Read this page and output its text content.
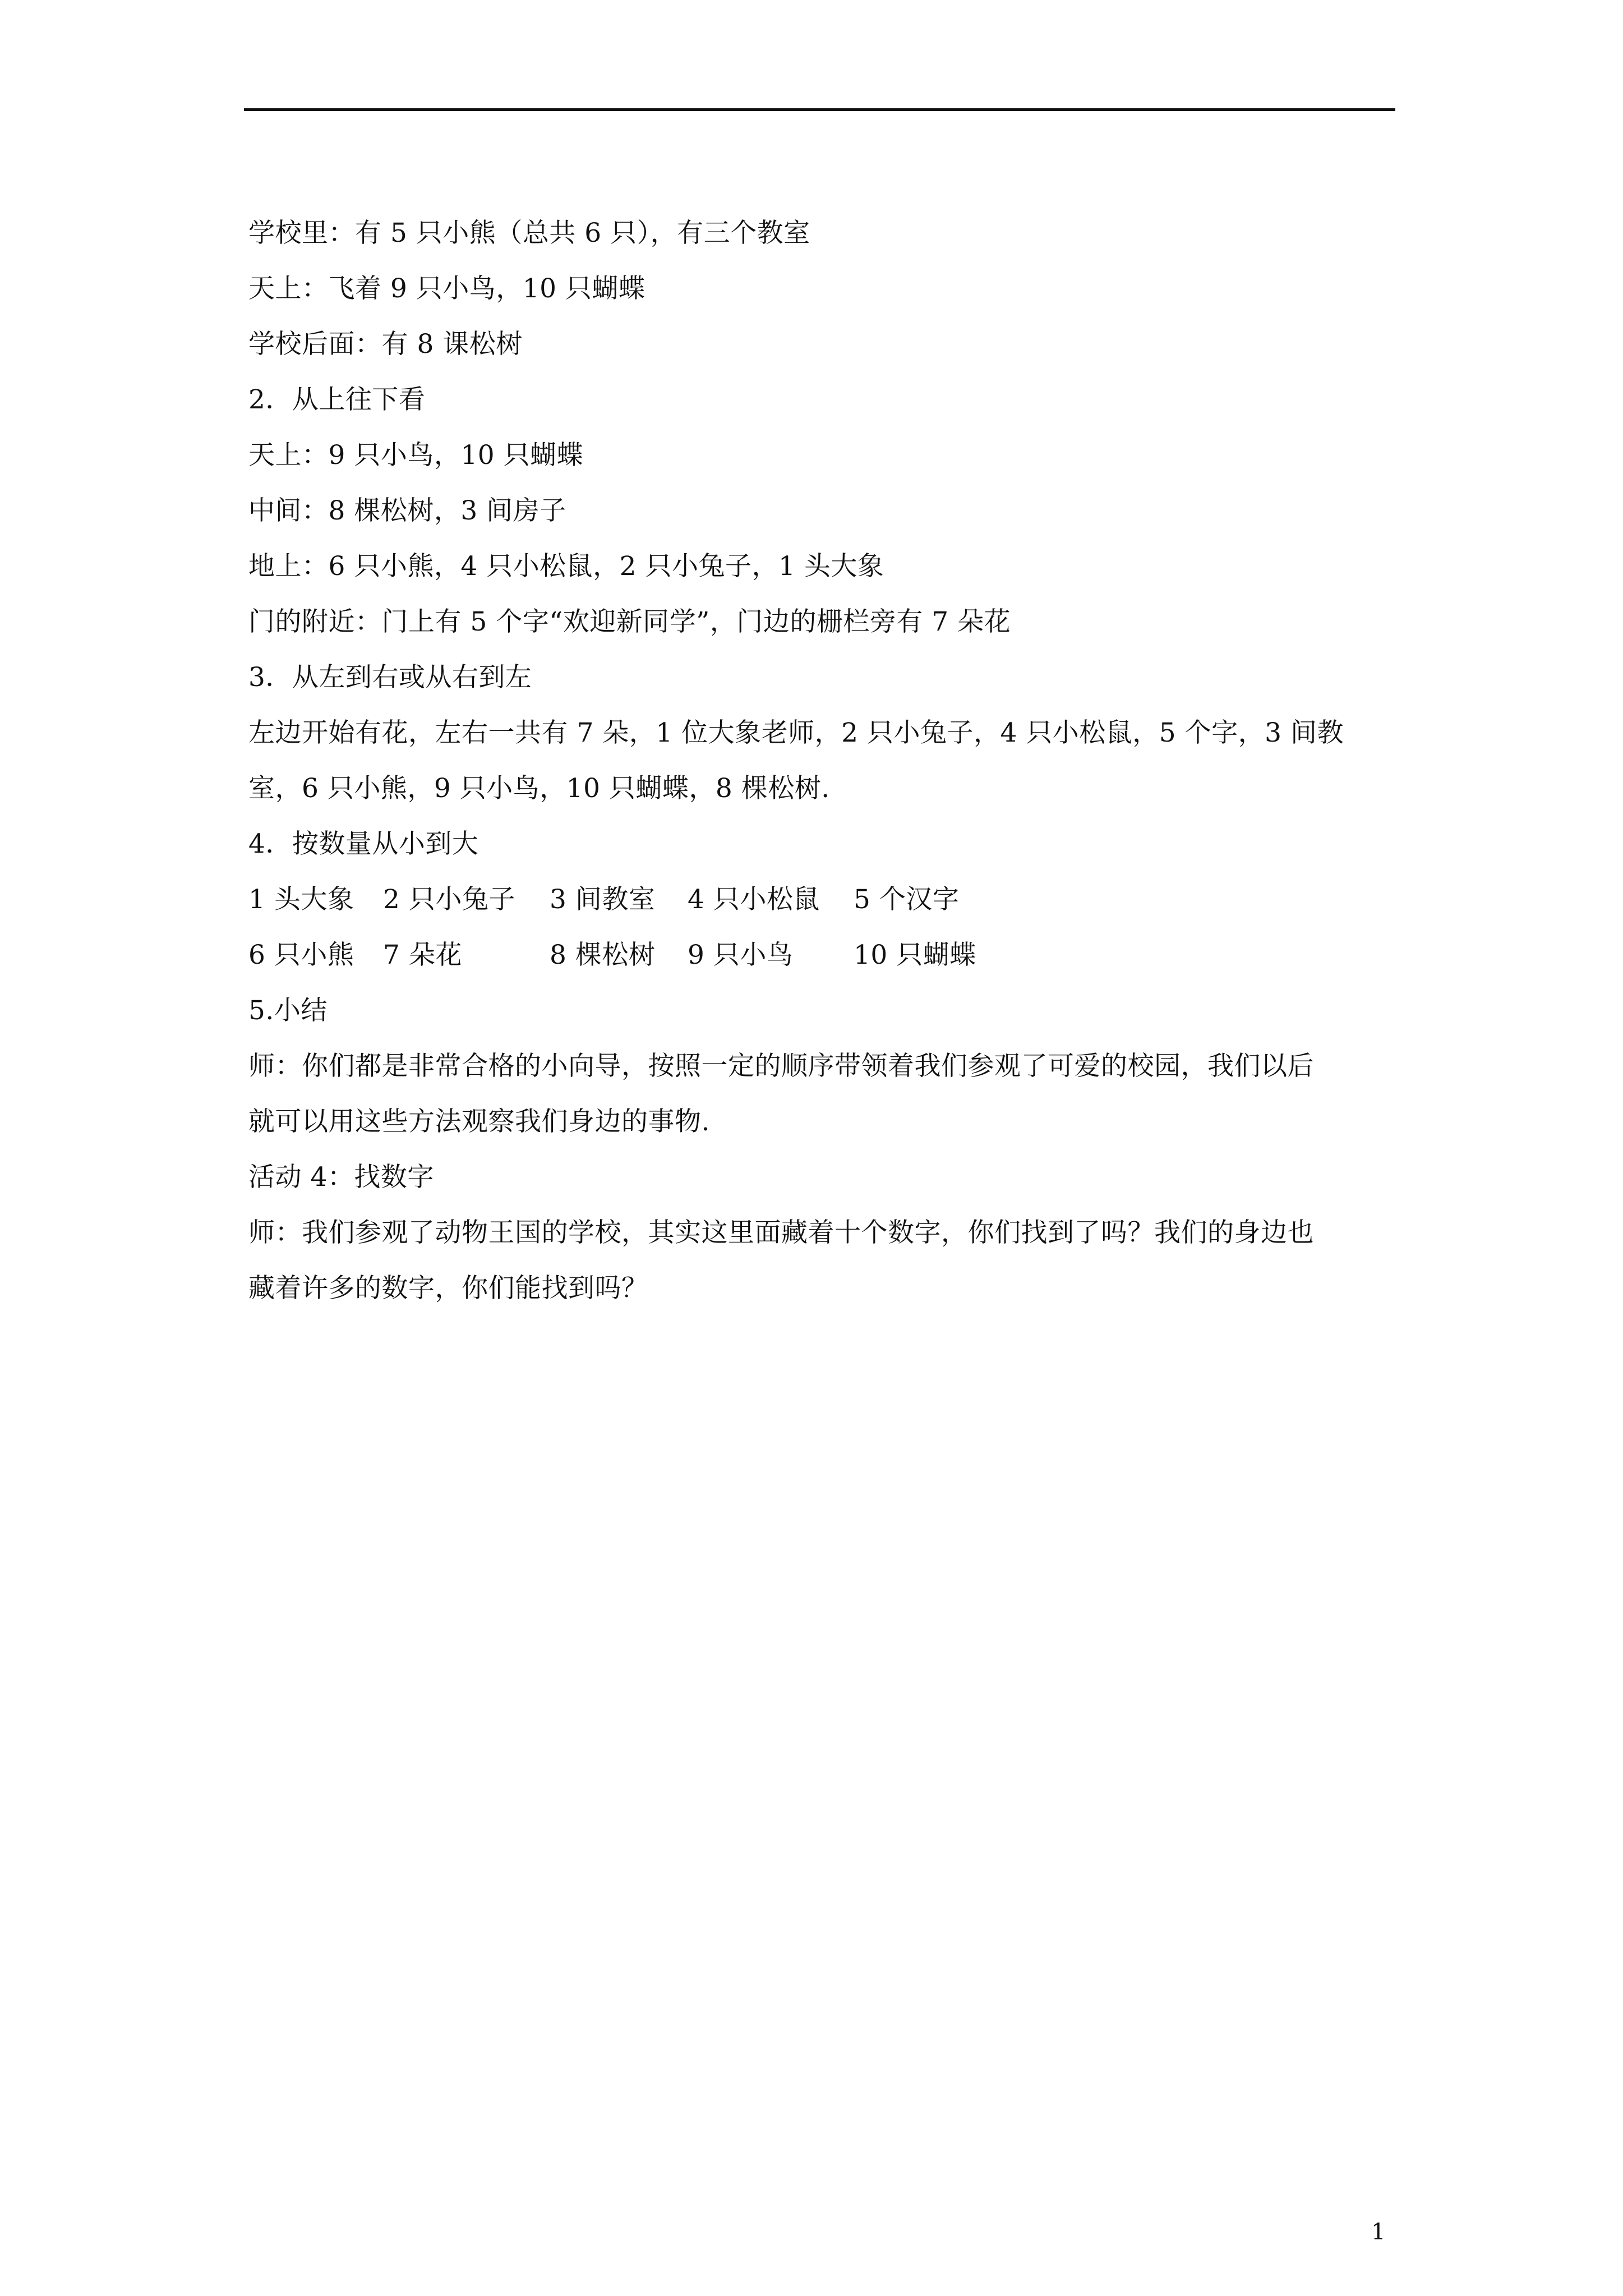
学校里：有 5 只小熊（总共 6 只），有三个教室
天上：飞着 9 只小鸟，10 只蝴蝶
学校后面：有 8 课松树
2．从上往下看
天上：9 只小鸟，10 只蝴蝶
中间：8 棵松树，3 间房子
地上：6 只小熊，4 只小松鼠，2 只小兔子，1 头大象
门的附近：门上有 5 个字“欢迎新同学”，门边的栅栏旁有 7 朵花
3．从左到右或从右到左
左边开始有花，左右一共有 7 朵，1 位大象老师，2 只小兔子，4 只小松鼠，5 个字，3 间教
室，6 只小熊，9 只小鸟，10 只蝴蝶，8 棵松树.
4．按数量从小到大
1 头大象 2 只小兔子 3 间教室 4 只小松鼠 5 个汉字
6 只小熊 7 朵花	8 棵松树 9 只小鸟 10 只蝴蝶
5.小结
师：你们都是非常合格的小向导，按照一定的顺序带领着我们参观了可爱的校园，我们以后
就可以用这些方法观察我们身边的事物.
活动 4：找数字
师：我们参观了动物王国的学校，其实这里面藏着十个数字，你们找到了吗？我们的身边也
藏着许多的数字，你们能找到吗？
1
